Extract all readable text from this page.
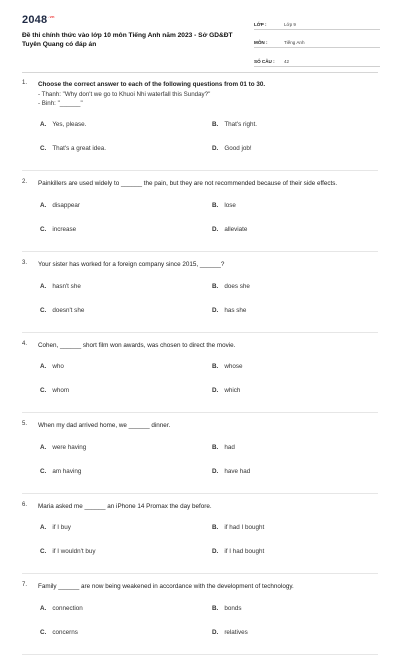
$2048^{.vn}$
Đề thi chính thức vào lớp 10 môn Tiếng Anh năm 2023 - Sở GD&ĐT Tuyên Quang có đáp án
LỚP :	Lớp 9
MÔN :	Tiếng Anh
SỐ CÂU : 42
1. Choose the correct answer to each of the following questions from 01 to 30.
- Thanh: "Why don't we go to Khuoi Nhi waterfall this Sunday?"
- Binh: "______"
A. Yes, please.	B. That's right.
C. That's a great idea.	D. Good job!
2. Painkillers are used widely to ______ the pain, but they are not recommended because of their side effects.
A. disappear	B. lose
C. increase	D. alleviate
3. Your sister has worked for a foreign company since 2015, ______?
A. hasn't she	B. does she
C. doesn't she	D. has she
4. Cohen, ______ short film won awards, was chosen to direct the movie.
A. who	B. whose
C. whom	D. which
5. When my dad arrived home, we ______ dinner.
A. were having	B. had
C. am having	D. have had
6. Maria asked me ______ an iPhone 14 Promax the day before.
A. if I buy	B. if had I bought
C. if I wouldn't buy	D. if I had bought
7. Family ______ are now being weakened in accordance with the development of technology.
A. connection	B. bonds
C. concerns	D. relatives
